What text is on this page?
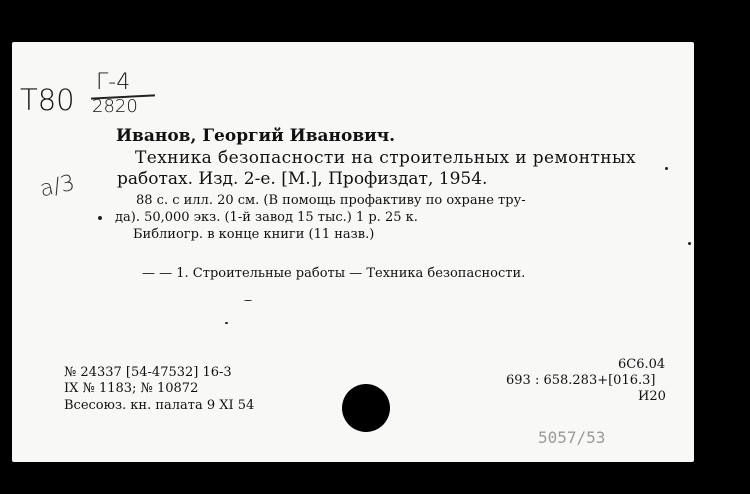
Т80
Г-4
2820
Иванов, Георгий Иванович.
Техника безопасности на строительных и ремонтных
работах. Изд. 2-е. [М.], Профиздат, 1954.
88 с. с илл. 20 см. (В помощь профактиву по охране тру-
да). 50,000 экз. (1-й завод 15 тыс.) 1 р. 25 к.
Библиогр. в конце книги (11 назв.)
— — 1. Строительные работы — Техника безопасности.
a/3
№ 24337 [54-47532] 16-3
IX № 1183; № 10872
Всесоюз. кн. палата 9 XI 54
6С6.04
693 : 658.283+[016.3]
И20
5057/53
